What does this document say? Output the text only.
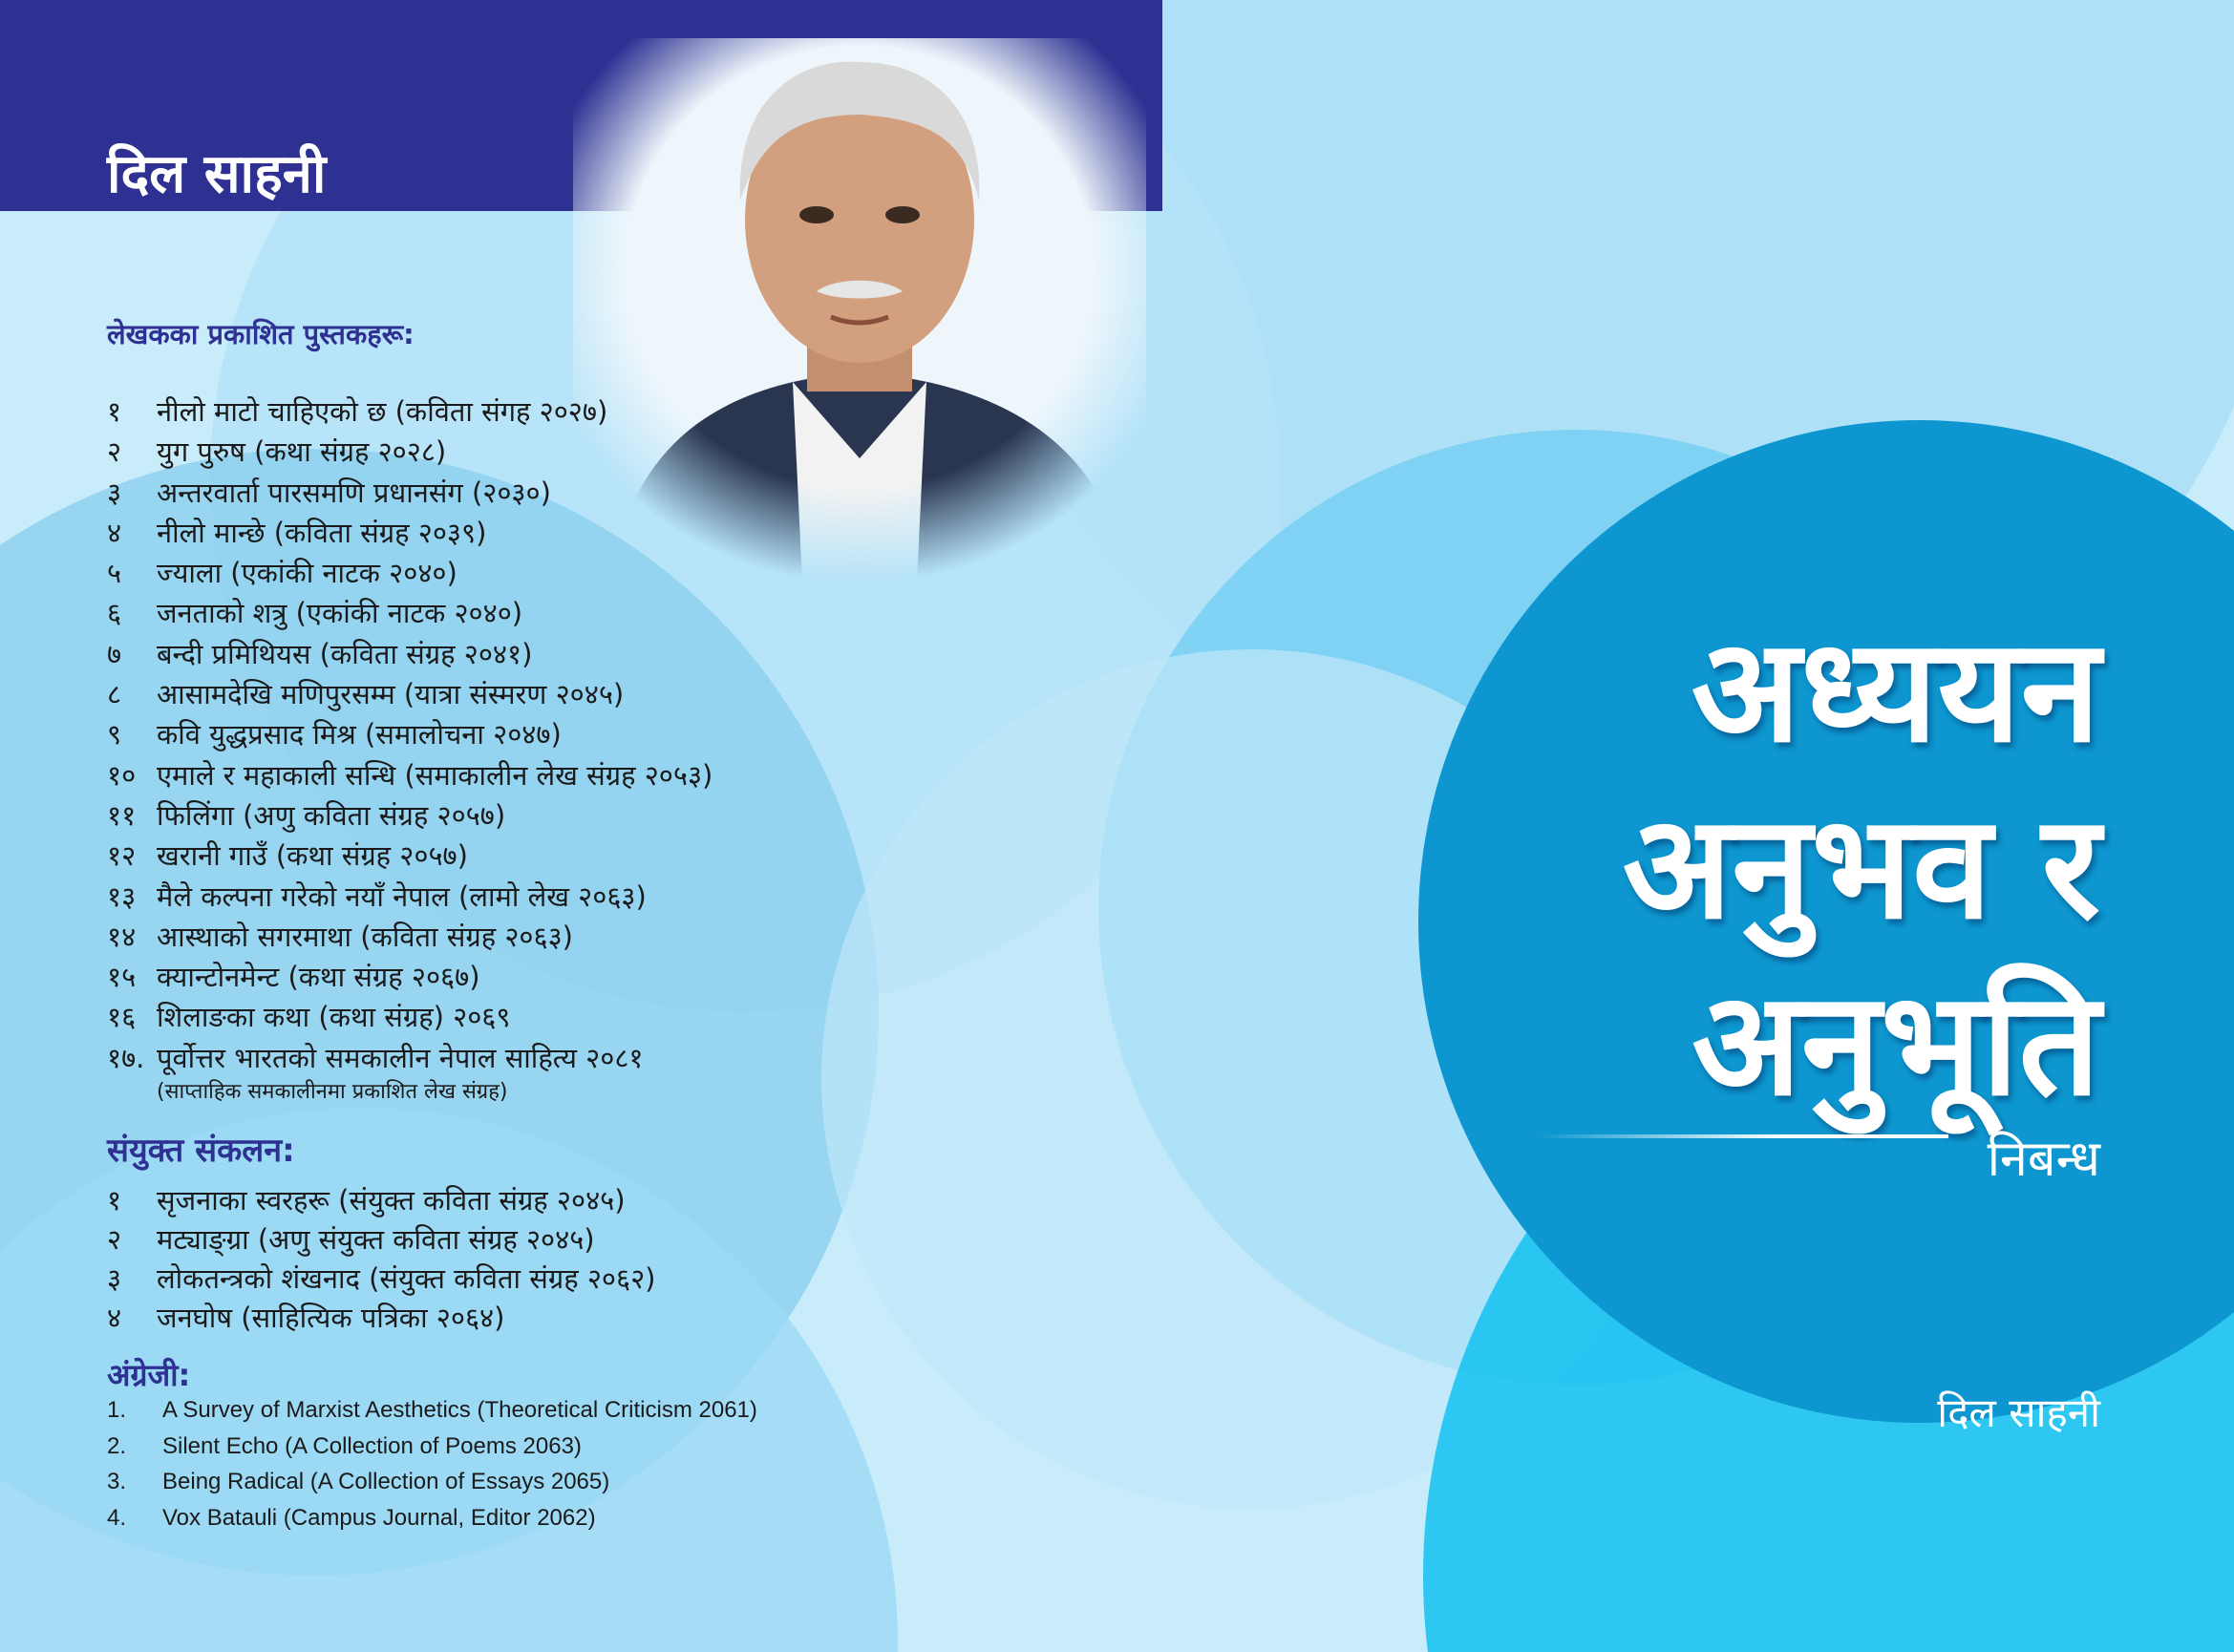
दिल साहनी
लेखकका प्रकाशित पुस्तकहरू:
१ नीलो माटो चाहिएको छ (कविता संगह २०२७)
२ युग पुरुष (कथा संग्रह २०२८)
३ अन्तरवार्ता पारसमणि प्रधानसंग (२०३०)
४ नीलो मान्छे (कविता संग्रह २०३९)
५ ज्याला (एकांकी नाटक २०४०)
६ जनताको शत्रु (एकांकी नाटक २०४०)
७ बन्दी प्रमिथियस (कविता संग्रह २०४१)
८ आसामदेखि मणिपुरसम्म (यात्रा संस्मरण २०४५)
९ कवि युद्धप्रसाद मिश्र (समालोचना २०४७)
१० एमाले र महाकाली सन्धि (समाकालीन लेख संग्रह २०५३)
११ फिलिंगा (अणु कविता संग्रह २०५७)
१२ खरानी गाउँ (कथा संग्रह २०५७)
१३ मैले कल्पना गरेको नयाँ नेपाल (लामो लेख २०६३)
१४ आस्थाको सगरमाथा (कविता संग्रह २०६३)
१५ क्यान्टोनमेन्ट (कथा संग्रह २०६७)
१६ शिलाङका कथा (कथा संग्रह) २०६९
१७. पूर्वोत्तर भारतको समकालीन नेपाल साहित्य २०८१
(साप्ताहिक समकालीनमा प्रकाशित लेख संग्रह)
संयुक्त संकलन:
१ सृजनाका स्वरहरू (संयुक्त कविता संग्रह २०४५)
२ मट्याङ्ग्रा (अणु संयुक्त कविता संग्रह २०४५)
३ लोकतन्त्रको शंखनाद (संयुक्त कविता संग्रह २०६२)
४ जनघोष (साहित्यिक पत्रिका २०६४)
अंग्रेजी:
1. A Survey of Marxist Aesthetics (Theoretical Criticism 2061)
2. Silent Echo (A Collection of Poems 2063)
3. Being Radical (A Collection of Essays 2065)
4. Vox Batauli (Campus Journal, Editor 2062)
अध्ययन
अनुभव र
अनुभूति
निबन्ध
दिल साहनी
